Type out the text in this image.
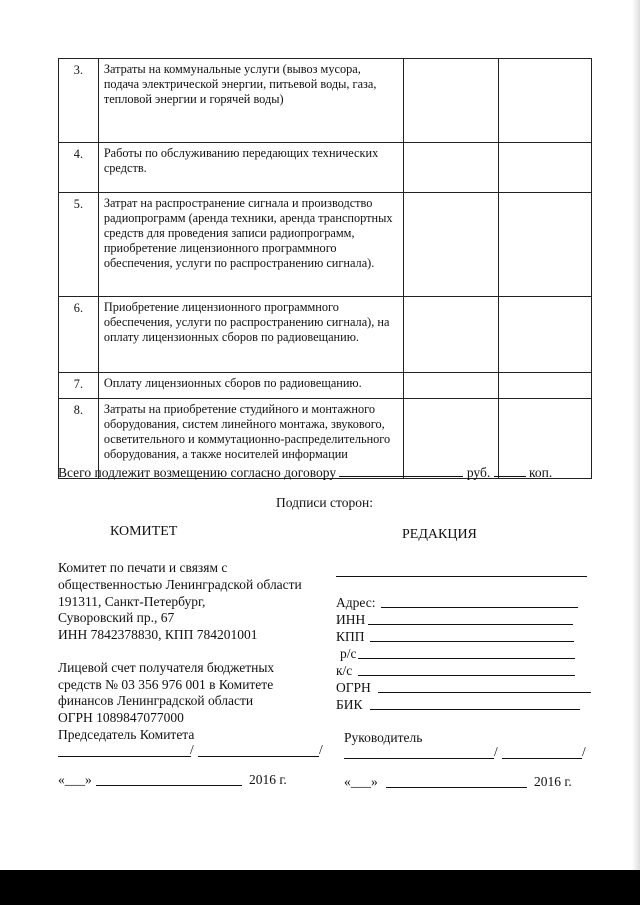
3.	Затраты на коммунальные услуги (вывоз мусора, подача электрической энергии, питьевой воды, газа, тепловой энергии и горячей воды)		
4.	Работы по обслуживанию передающих технических средств.		
5.	Затрат на распространение сигнала и производство радиопрограмм (аренда техники, аренда транспортных средств для проведения записи радиопрограмм, приобретение лицензионного программного обеспечения, услуги по распространению сигнала).		
6.	Приобретение лицензионного программного обеспечения, услуги по распространению сигнала), на оплату лицензионных сборов по радиовещанию.		
7.	Оплату лицензионных сборов по радиовещанию.		
8.	Затраты на приобретение студийного и монтажного оборудования, систем линейного монтажа, звукового, осветительного и коммутационно-распределительного оборудования, а также носителей информации		
Всего подлежит возмещению согласно договору	руб.	коп.
Подписи сторон:
КОМИТЕТ
Комитет по печати и связям с
общественностью Ленинградской области
191311, Санкт-Петербург,
Суворовский пр., 67
ИНН 7842378830, КПП 784201001
Лицевой счет получателя бюджетных
средств № 03 356 976 001 в Комитете
финансов Ленинградской области
ОГРН 1089847077000
Председатель Комитета
/	/
«___»	2016 г.
РЕДАКЦИЯ
Адрес:
ИНН
КПП
р/с
к/с
ОГРН
БИК
Руководитель
/	/
«___»	2016 г.
